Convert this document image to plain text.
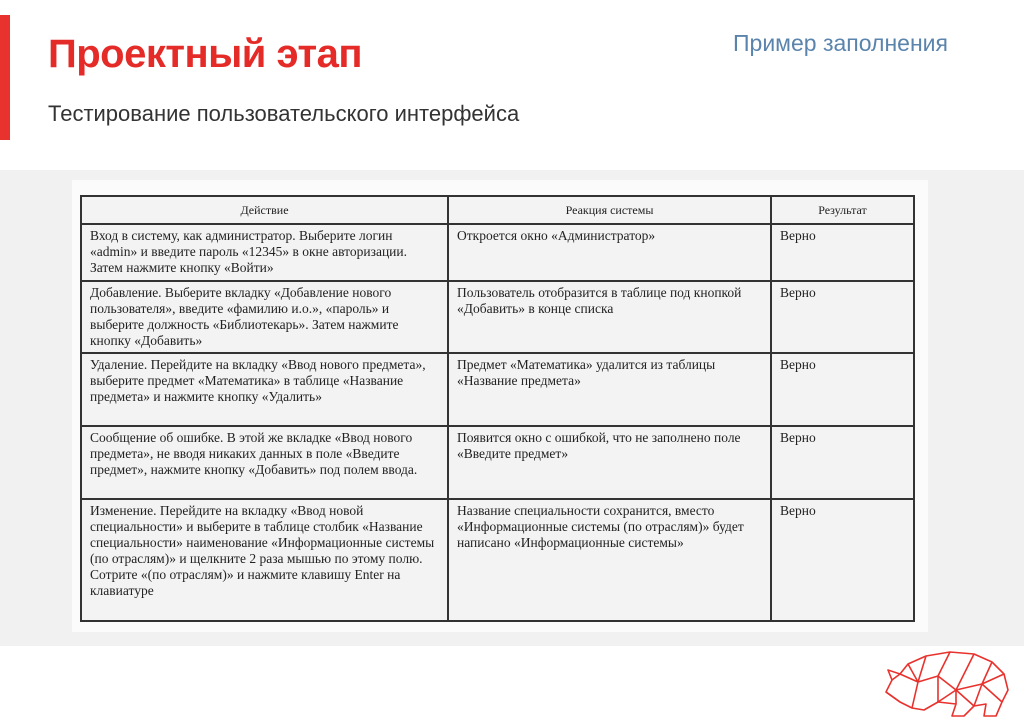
Проектный этап
Тестирование пользовательского интерфейса
Пример заполнения
Действие	Реакция системы	Результат
Вход в систему, как администратор. Выберите логин «admin» и введите пароль «12345» в окне авторизации. Затем нажмите кнопку «Войти»	Откроется окно «Администратор»	Верно
Добавление. Выберите вкладку «Добавление нового пользователя», введите «фамилию и.о.», «пароль» и выберите должность «Библиотекарь». Затем нажмите кнопку «Добавить»	Пользователь отобразится в таблице под кнопкой «Добавить» в конце списка	Верно
Удаление. Перейдите на вкладку «Ввод нового предмета», выберите предмет «Математика» в таблице «Название предмета» и нажмите кнопку «Удалить»	Предмет «Математика» удалится из таблицы «Название предмета»	Верно
Сообщение об ошибке. В этой же вкладке «Ввод нового предмета», не вводя никаких данных в поле «Введите предмет», нажмите кнопку «Добавить» под полем ввода.	Появится окно с ошибкой, что не заполнено поле «Введите предмет»	Верно
Изменение. Перейдите на вкладку «Ввод новой специальности» и выберите в таблице столбик «Название специальности» наименование «Информационные системы (по отраслям)» и щелкните 2 раза мышью по этому полю. Сотрите «(по отраслям)» и нажмите клавишу Enter на клавиатуре	Название специальности сохранится, вместо «Информационные системы (по отраслям)» будет написано «Информационные системы»	Верно
